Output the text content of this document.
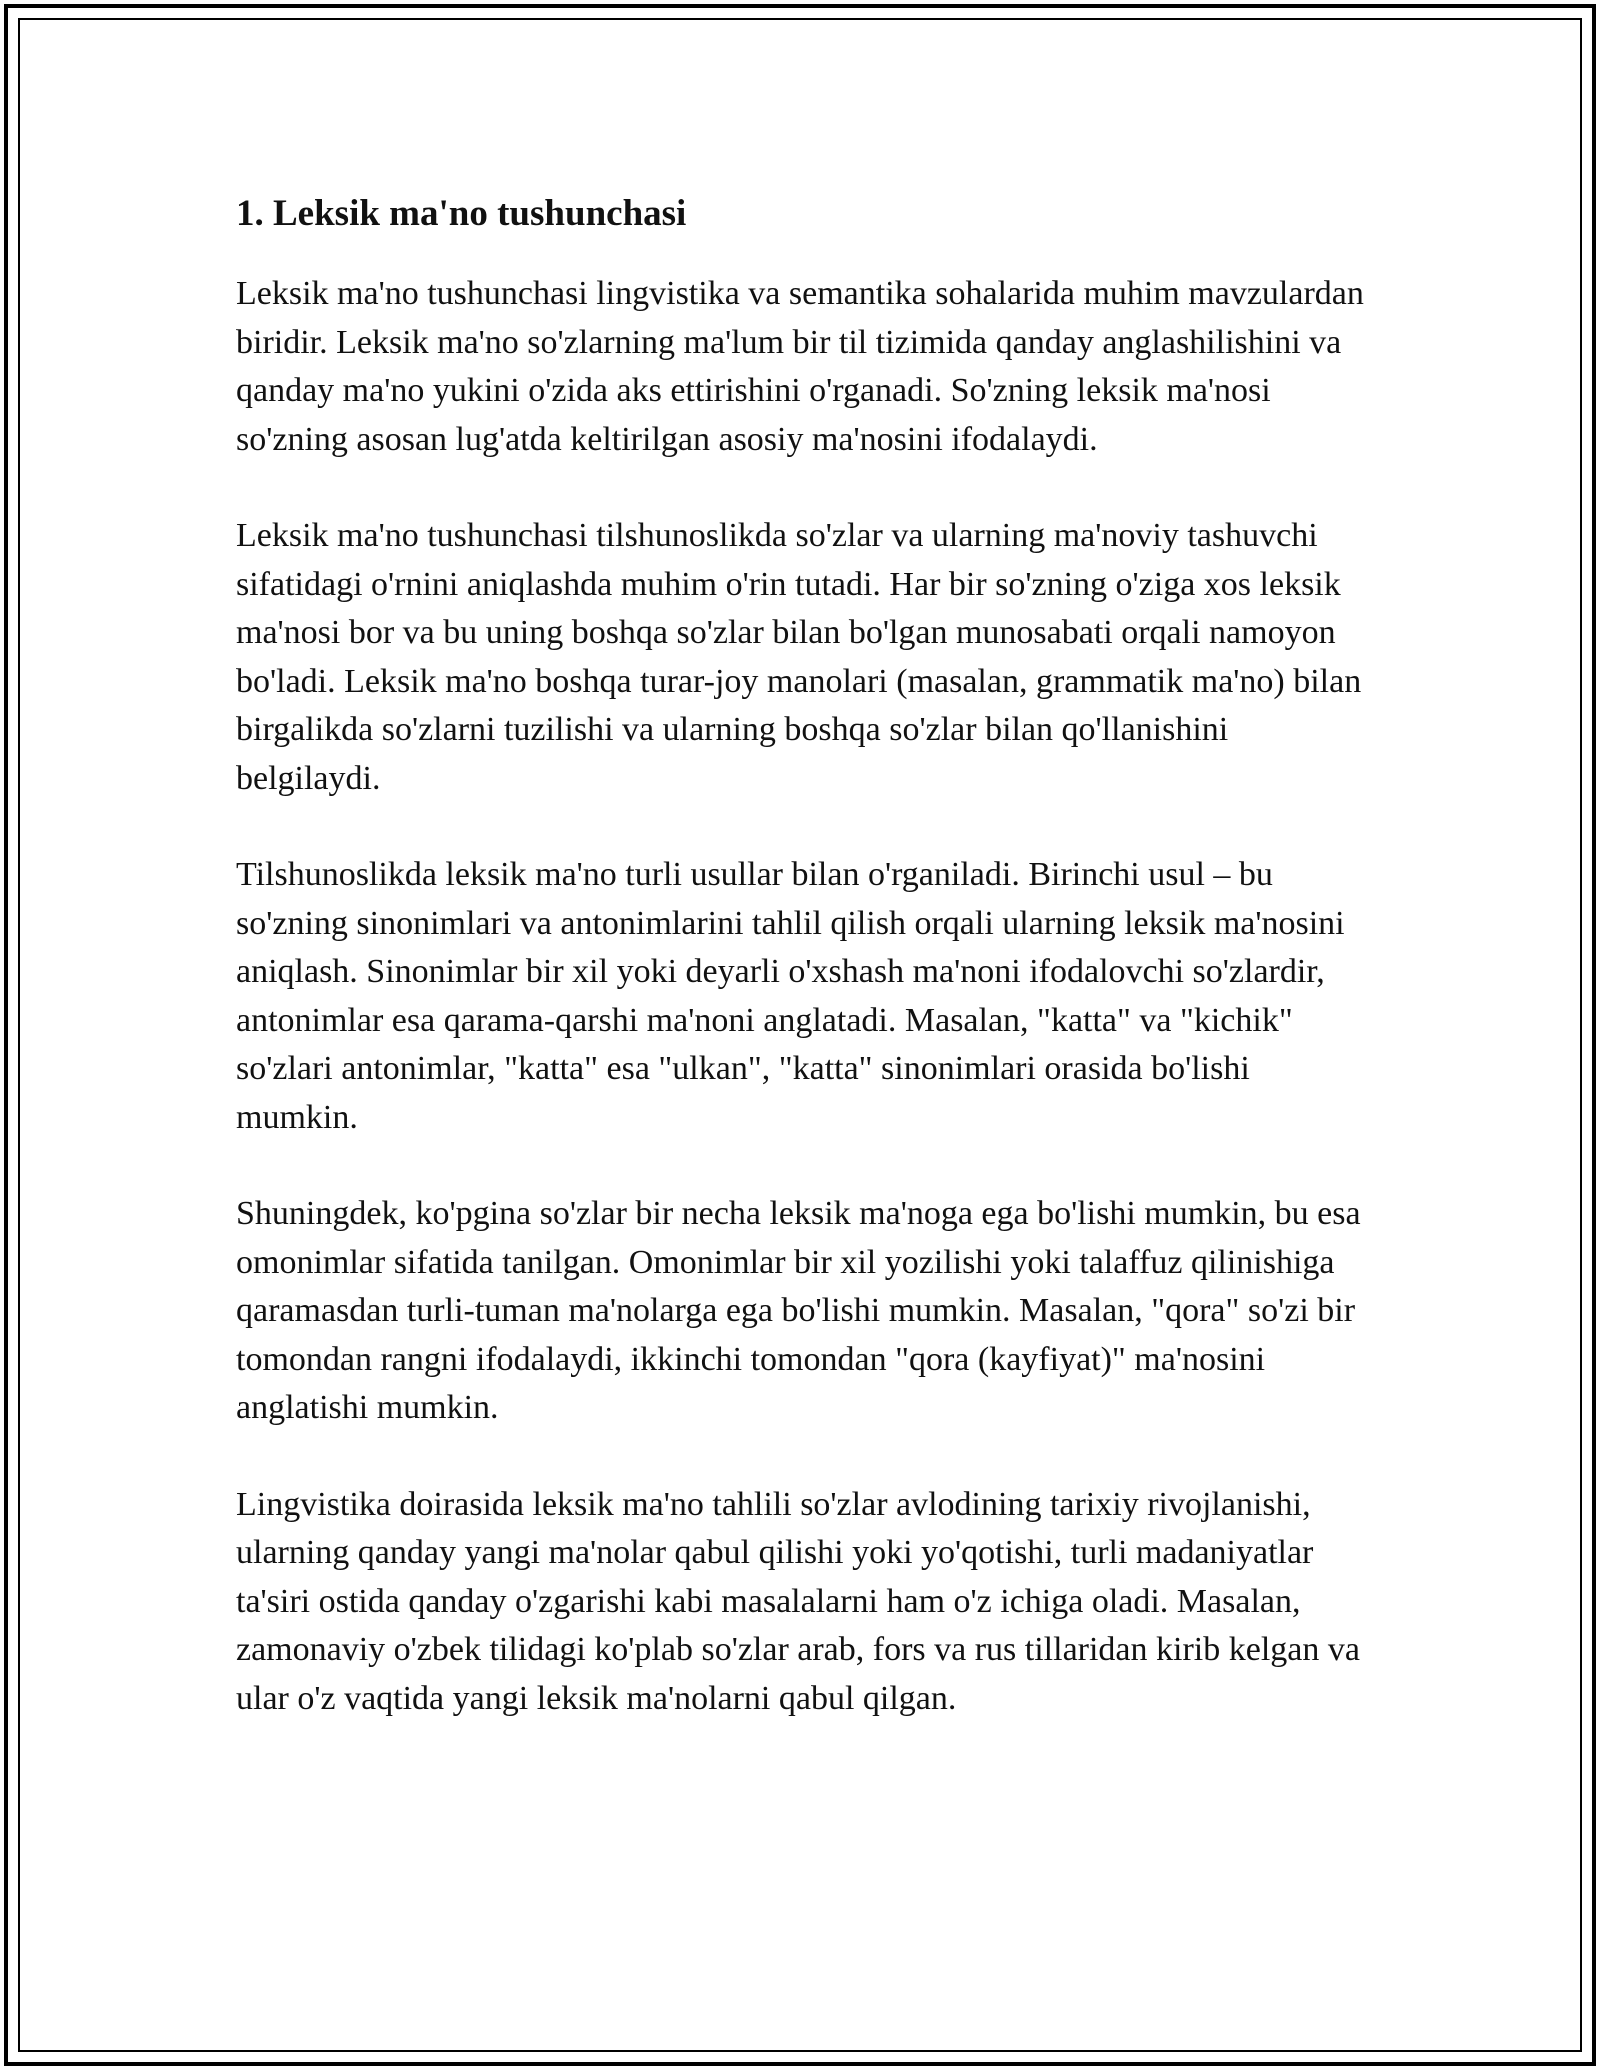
1. Leksik ma'no tushunchasi

Leksik ma'no tushunchasi lingvistika va semantika sohalarida muhim mavzulardan biridir. Leksik ma'no so'zlarning ma'lum bir til tizimida qanday anglashilishini va qanday ma'no yukini o'zida aks ettirishini o'rganadi. So'zning leksik ma'nosi so'zning asosan lug'atda keltirilgan asosiy ma'nosini ifodalaydi.

Leksik ma'no tushunchasi tilshunoslikda so'zlar va ularning ma'noviy tashuvchi sifatidagi o'rnini aniqlashda muhim o'rin tutadi. Har bir so'zning o'ziga xos leksik ma'nosi bor va bu uning boshqa so'zlar bilan bo'lgan munosabati orqali namoyon bo'ladi. Leksik ma'no boshqa turar-joy manolari (masalan, grammatik ma'no) bilan birgalikda so'zlarni tuzilishi va ularning boshqa so'zlar bilan qo'llanishini belgilaydi.

Tilshunoslikda leksik ma'no turli usullar bilan o'rganiladi. Birinchi usul – bu so'zning sinonimlari va antonimlarini tahlil qilish orqali ularning leksik ma'nosini aniqlash. Sinonimlar bir xil yoki deyarli o'xshash ma'noni ifodalovchi so'zlardir, antonimlar esa qarama-qarshi ma'noni anglatadi. Masalan, "katta" va "kichik" so'zlari antonimlar, "katta" esa "ulkan", "katta" sinonimlari orasida bo'lishi mumkin.

Shuningdek, ko'pgina so'zlar bir necha leksik ma'noga ega bo'lishi mumkin, bu esa omonimlar sifatida tanilgan. Omonimlar bir xil yozilishi yoki talaffuz qilinishiga qaramasdan turli-tuman ma'nolarga ega bo'lishi mumkin. Masalan, "qora" so'zi bir tomondan rangni ifodalaydi, ikkinchi tomondan "qora (kayfiyat)" ma'nosini anglatishi mumkin.

Lingvistika doirasida leksik ma'no tahlili so'zlar avlodining tarixiy rivojlanishi, ularning qanday yangi ma'nolar qabul qilishi yoki yo'qotishi, turli madaniyatlar ta'siri ostida qanday o'zgarishi kabi masalalarni ham o'z ichiga oladi. Masalan, zamonaviy o'zbek tilidagi ko'plab so'zlar arab, fors va rus tillaridan kirib kelgan va ular o'z vaqtida yangi leksik ma'nolarni qabul qilgan.
